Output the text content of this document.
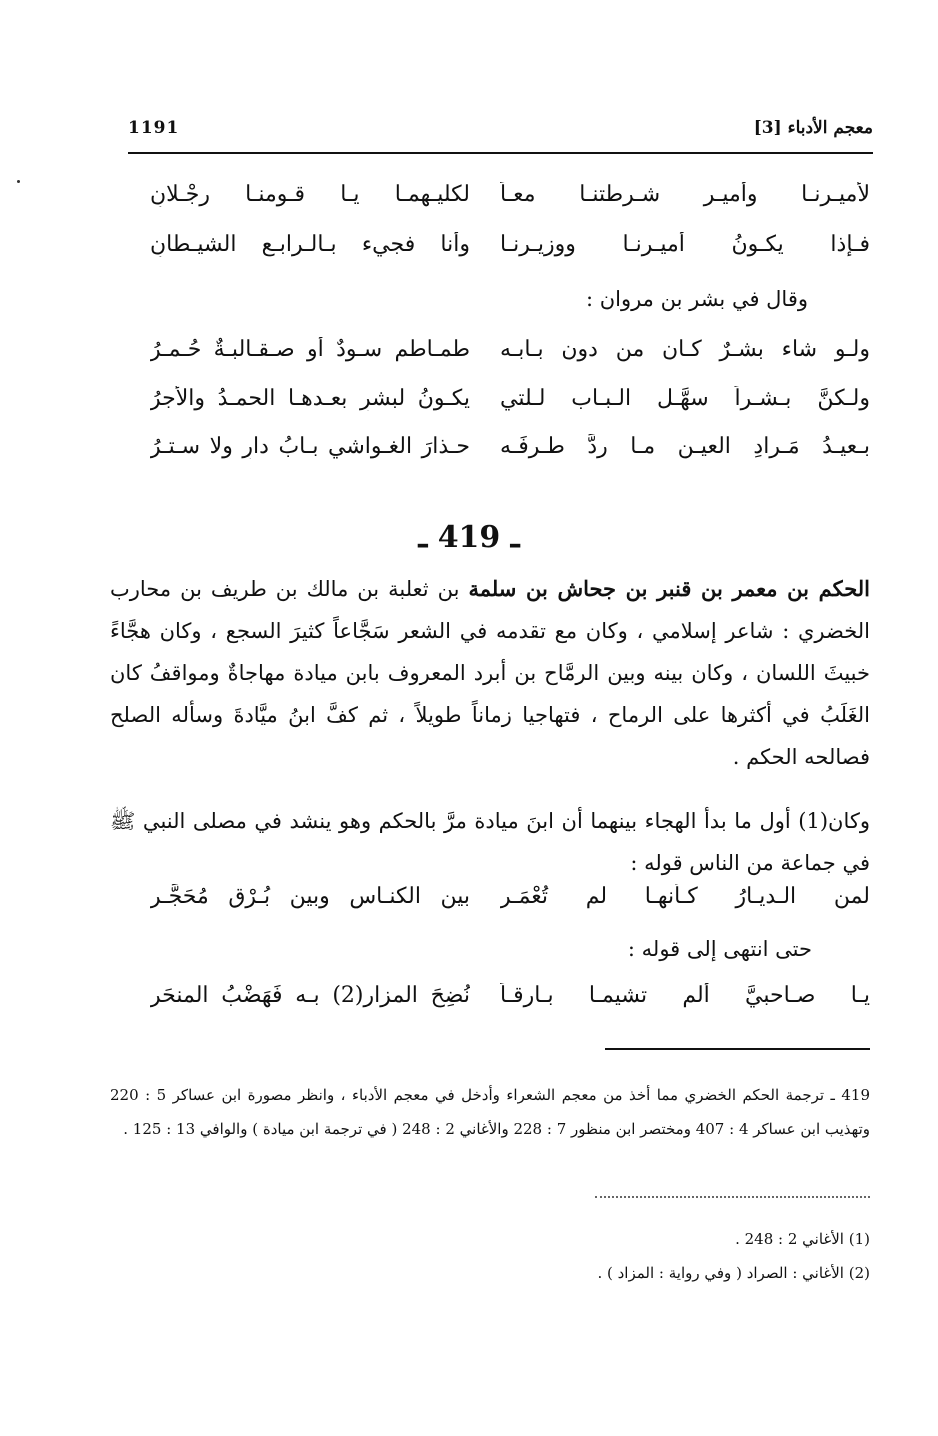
معجم الأدباء [3]
1191
لأميـرنـا وأميـرِ شـرطتنـا معـاً
لكليـهمـا يـا قـومنـا رِجْـلانِ
فـإذا يكـونُ أميـرنـا ووزيـرنـا
وأنا فجيء بـالـرابـعِ الشيـطانِ
وقال في بشر بن مروان :
ولـو شاء بشـرٌ كـان من دون بـابـه
طمـاطم سـودٌ أو صـقـالبـةٌ حُـمـرُ
ولـكنَّ بـشـراً سهَّـل الـبـاب لـلتي
يكـونُ لبشرٍ بعـدهـا الحمـدُ والأجرُ
بـعيـدُ مَـرادِ العيـنِ مـا ردَّ طـرفَـه
حـذارَ الغـواشي بـابُ دارٍ ولا سـتـرُ
ـ 419 ـ
الحكم بن معمر بن قنبر بن جحاش بن سلمة بن ثعلبة بن مالك بن طريف بن محارب الخضري : شاعر إسلامي ، وكان مع تقدمه في الشعر سَجَّاعاً كثيرَ السجع ، وكان هجَّاءً خبيثَ اللسان ، وكان بينه وبين الرمَّاح بن أبرد المعروف بابن ميادة مهاجاةٌ ومواقفُ كان الغَلَبُ في أكثرها على الرماح ، فتهاجيا زماناً طويلاً ، ثم كفَّ ابنُ ميَّادةَ وسأله الصلح فصالحه الحكم .
وكان(1) أول ما بدأ الهجاء بينهما أن ابنَ ميادة مرَّ بالحكم وهو ينشد في مصلى النبي ﷺ في جماعة من الناس قوله :
لمن الـديـارُ كـأنهـا لم تُعْمَـرِ
بين الكنـاسِ وبين بُـرْقِ مُحَجَّـرِ
حتى انتهى إلى قوله :
يـا صـاحبيَّ ألم تشيمـا بـارقـاً
نُضِحَ المزار(2) بـه فَهَضْبُ المنحَرِ
419 ـ ترجمة الحكم الخضري مما أخذ من معجم الشعراء وأدخل في معجم الأدباء ، وانظر مصورة ابن عساكر 5 : 220 وتهذيب ابن عساكر 4 : 407 ومختصر ابن منظور 7 : 228 والأغاني 2 : 248 ( في ترجمة ابن ميادة ) والوافي 13 : 125 .
(1) الأغاني 2 : 248 .
(2) الأغاني : الصراد ( وفي رواية : المزاد ) .
